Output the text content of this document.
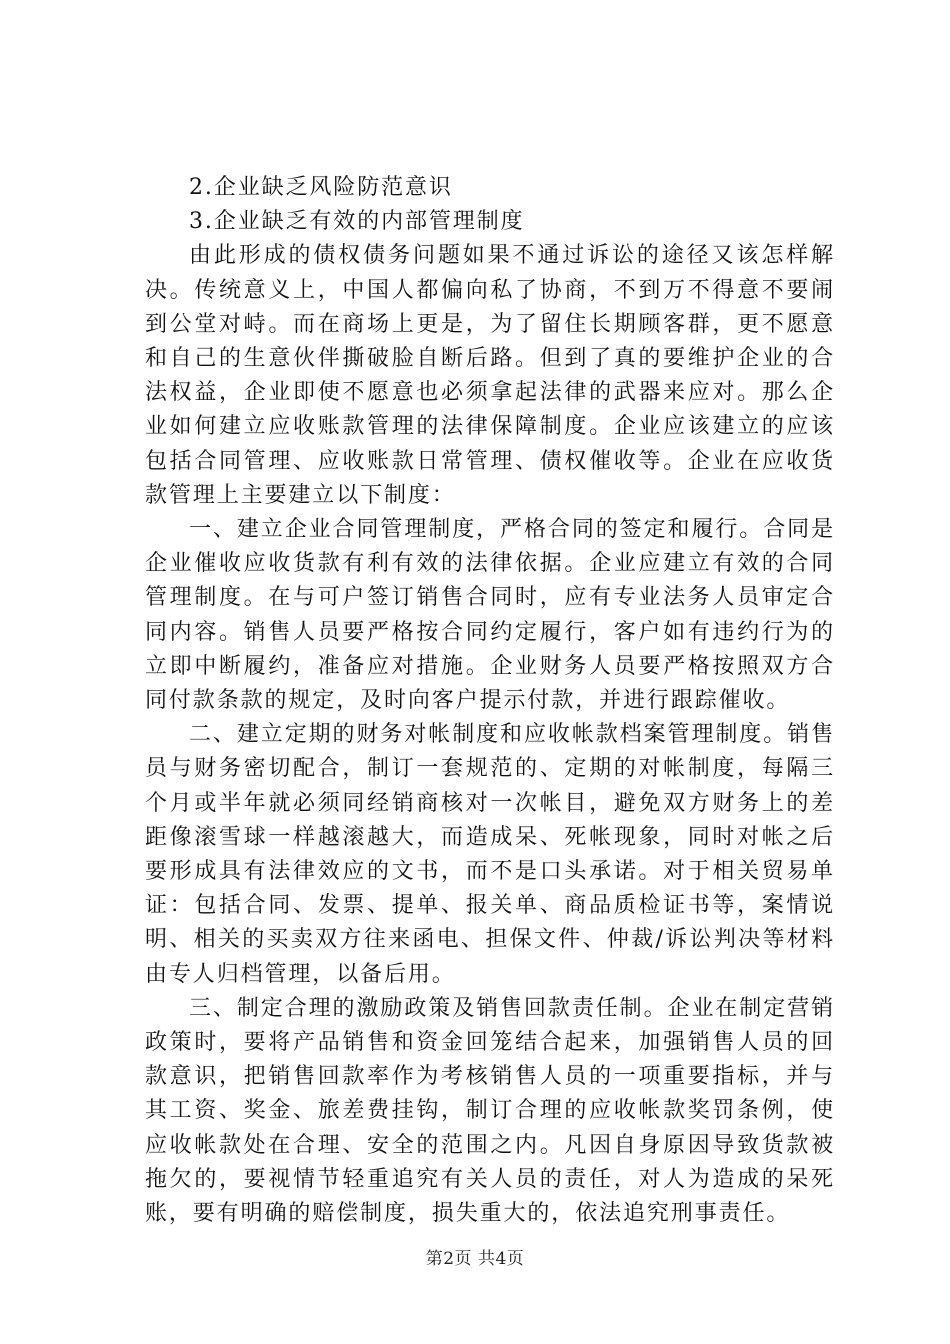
2.企业缺乏风险防范意识

3.企业缺乏有效的内部管理制度

由此形成的债权债务问题如果不通过诉讼的途径又该怎样解决。传统意义上，中国人都偏向私了协商，不到万不得意不要闹到公堂对峙。而在商场上更是，为了留住长期顾客群，更不愿意和自己的生意伙伴撕破脸自断后路。但到了真的要维护企业的合法权益，企业即使不愿意也必须拿起法律的武器来应对。那么企业如何建立应收账款管理的法律保障制度。企业应该建立的应该包括合同管理、应收账款日常管理、债权催收等。企业在应收货款管理上主要建立以下制度：

一、建立企业合同管理制度，严格合同的签定和履行。合同是企业催收应收货款有利有效的法律依据。企业应建立有效的合同管理制度。在与可户签订销售合同时，应有专业法务人员审定合同内容。销售人员要严格按合同约定履行，客户如有违约行为的立即中断履约，准备应对措施。企业财务人员要严格按照双方合同付款条款的规定，及时向客户提示付款，并进行跟踪催收。

二、建立定期的财务对帐制度和应收帐款档案管理制度。销售员与财务密切配合，制订一套规范的、定期的对帐制度，每隔三个月或半年就必须同经销商核对一次帐目，避免双方财务上的差距像滚雪球一样越滚越大，而造成呆、死帐现象，同时对帐之后要形成具有法律效应的文书，而不是口头承诺。对于相关贸易单证：包括合同、发票、提单、报关单、商品质检证书等，案情说明、相关的买卖双方往来函电、担保文件、仲裁/诉讼判决等材料由专人归档管理，以备后用。

三、制定合理的激励政策及销售回款责任制。企业在制定营销政策时，要将产品销售和资金回笼结合起来，加强销售人员的回款意识，把销售回款率作为考核销售人员的一项重要指标，并与其工资、奖金、旅差费挂钩，制订合理的应收帐款奖罚条例，使应收帐款处在合理、安全的范围之内。凡因自身原因导致货款被拖欠的，要视情节轻重追究有关人员的责任，对人为造成的呆死账，要有明确的赔偿制度，损失重大的，依法追究刑事责任。

第2页 共4页
